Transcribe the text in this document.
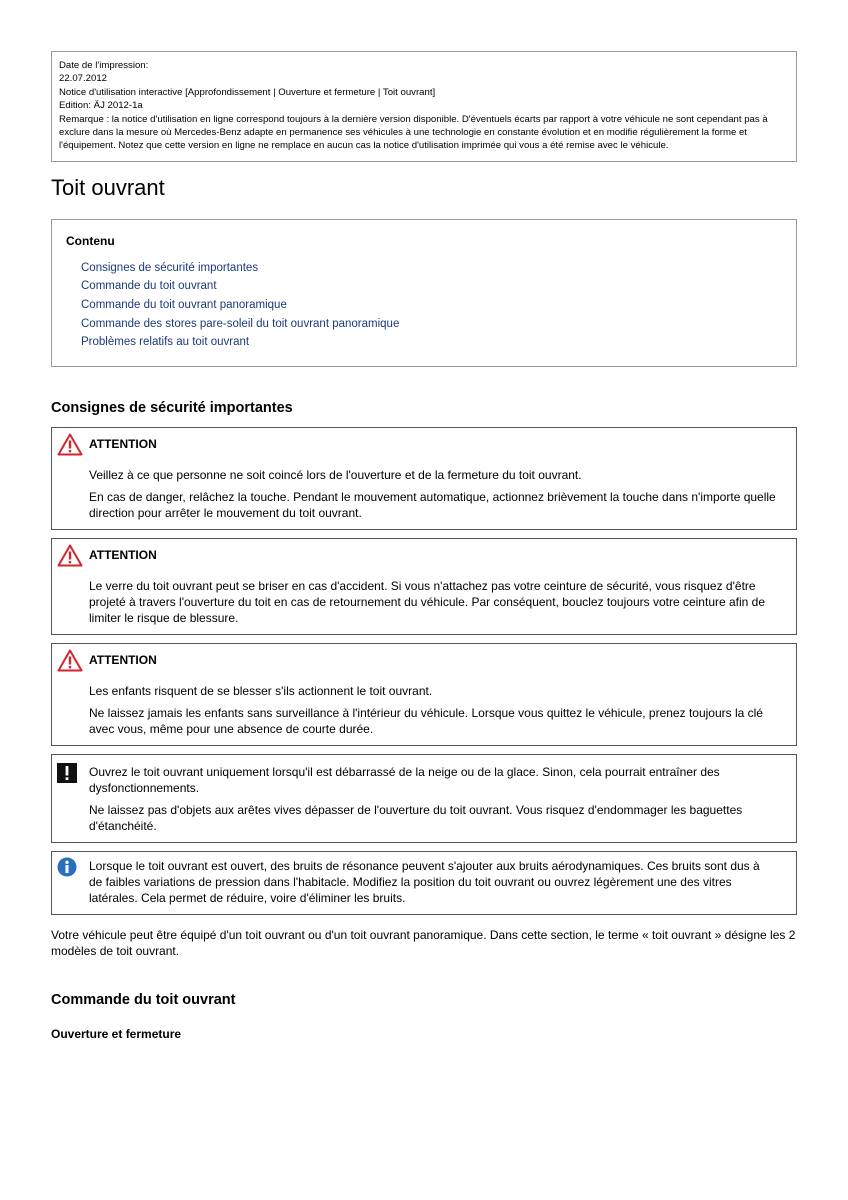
Date de l'impression:
22.07.2012
Notice d'utilisation interactive [Approfondissement | Ouverture et fermeture | Toit ouvrant]
Edition: ÄJ 2012-1a
Remarque : la notice d'utilisation en ligne correspond toujours à la dernière version disponible. D'éventuels écarts par rapport à votre véhicule ne sont cependant pas à exclure dans la mesure où Mercedes-Benz adapte en permanence ses véhicules à une technologie en constante évolution et en modifie régulièrement la forme et l'équipement. Notez que cette version en ligne ne remplace en aucun cas la notice d'utilisation imprimée qui vous a été remise avec le véhicule.
Toit ouvrant
Contenu
Consignes de sécurité importantes
Commande du toit ouvrant
Commande du toit ouvrant panoramique
Commande des stores pare-soleil du toit ouvrant panoramique
Problèmes relatifs au toit ouvrant
Consignes de sécurité importantes
ATTENTION

Veillez à ce que personne ne soit coincé lors de l'ouverture et de la fermeture du toit ouvrant.

En cas de danger, relâchez la touche. Pendant le mouvement automatique, actionnez brièvement la touche dans n'importe quelle direction pour arrêter le mouvement du toit ouvrant.

ATTENTION

Le verre du toit ouvrant peut se briser en cas d'accident. Si vous n'attachez pas votre ceinture de sécurité, vous risquez d'être projeté à travers l'ouverture du toit en cas de retournement du véhicule. Par conséquent, bouclez toujours votre ceinture afin de limiter le risque de blessure.

ATTENTION

Les enfants risquent de se blesser s'ils actionnent le toit ouvrant.

Ne laissez jamais les enfants sans surveillance à l'intérieur du véhicule. Lorsque vous quittez le véhicule, prenez toujours la clé avec vous, même pour une absence de courte durée.

Ouvrez le toit ouvrant uniquement lorsqu'il est débarrassé de la neige ou de la glace. Sinon, cela pourrait entraîner des dysfonctionnements.

Ne laissez pas d'objets aux arêtes vives dépasser de l'ouverture du toit ouvrant. Vous risquez d'endommager les baguettes d'étanchéité.

Lorsque le toit ouvrant est ouvert, des bruits de résonance peuvent s'ajouter aux bruits aérodynamiques. Ces bruits sont dus à de faibles variations de pression dans l'habitacle. Modifiez la position du toit ouvrant ou ouvrez légèrement une des vitres latérales. Cela permet de réduire, voire d'éliminer les bruits.

Votre véhicule peut être équipé d'un toit ouvrant ou d'un toit ouvrant panoramique. Dans cette section, le terme « toit ouvrant » désigne les 2 modèles de toit ouvrant.

Commande du toit ouvrant
Ouverture et fermeture
